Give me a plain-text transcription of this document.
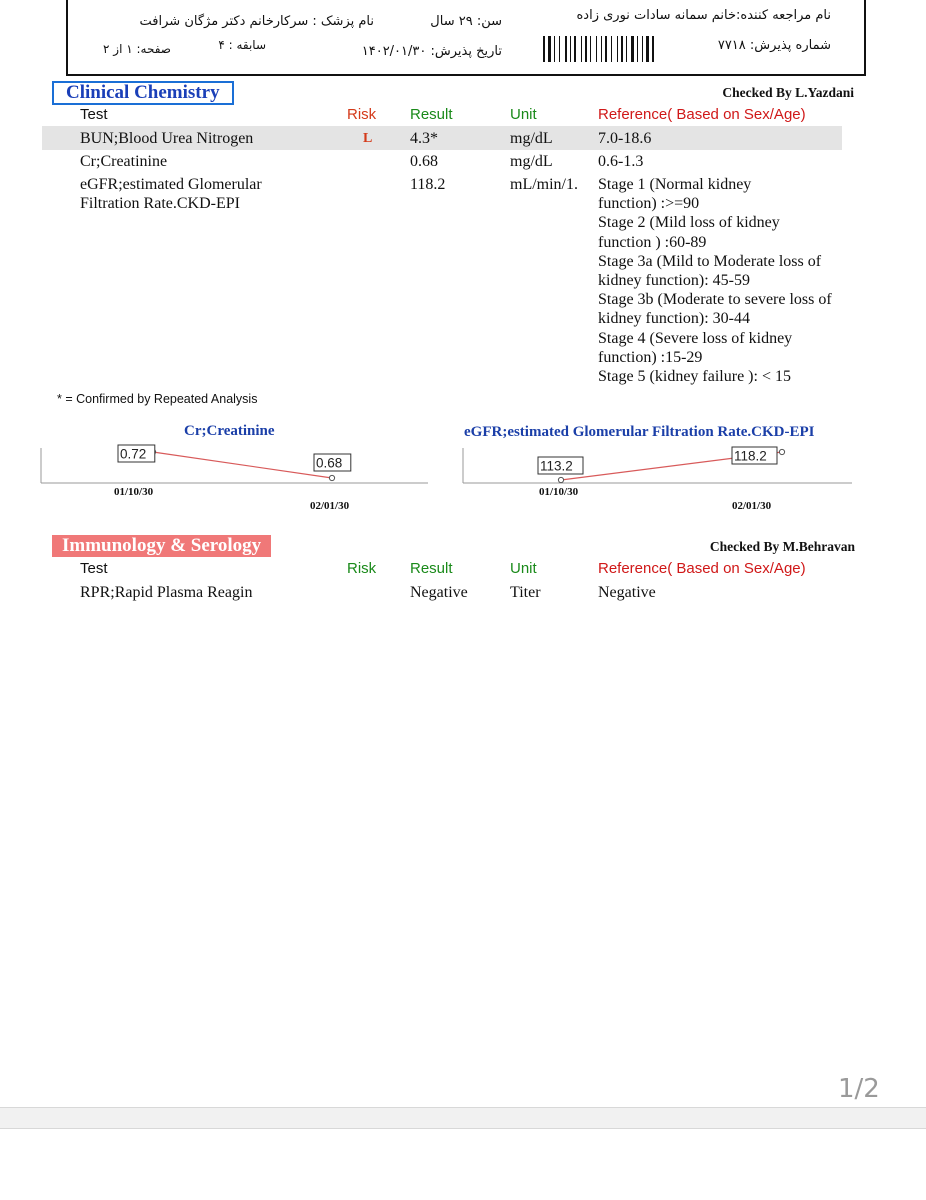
نام مراجعه کننده:خانم سمانه سادات نوری زاده
سن: ۲۹ سال
نام پزشک : سرکارخانم دکتر مژگان شرافت
شماره پذیرش: ۷۷۱۸
تاریخ پذیرش: ۱۴۰۲/۰۱/۳۰
سابقه : ۴
صفحه: ۱ از ۲
Clinical Chemistry	Checked By L.Yazdani
Test	Risk Result	Unit	Reference( Based on Sex/Age)
BUN;Blood Urea Nitrogen	L 4.3*	mg/dL	7.0-18.6
Cr;Creatinine	0.68	mg/dL	0.6-1.3
eGFR;estimated Glomerular
Filtration Rate.CKD-EPI
118.2	mL/min/1. Stage 1 (Normal kidney
function) :>=90
Stage 2 (Mild loss of kidney
function ) :60-89
Stage 3a (Mild to Moderate loss of
kidney function): 45-59
Stage 3b (Moderate to severe loss of
kidney function): 30-44
Stage 4 (Severe loss of kidney
function) :15-29
Stage 5 (kidney failure ): < 15
* = Confirmed by Repeated Analysis
Cr;Creatinine	eGFR;estimated Glomerular Filtration Rate.CKD-EPI
0.72
01/10/30
0.68
02/01/30
113.2
01/10/30
118.2
02/01/30
Immunology & Serology	Checked By M.Behravan
Test	Risk Result	Unit	Reference( Based on Sex/Age)
RPR;Rapid Plasma Reagin	Negative	Titer	Negative
1/2
